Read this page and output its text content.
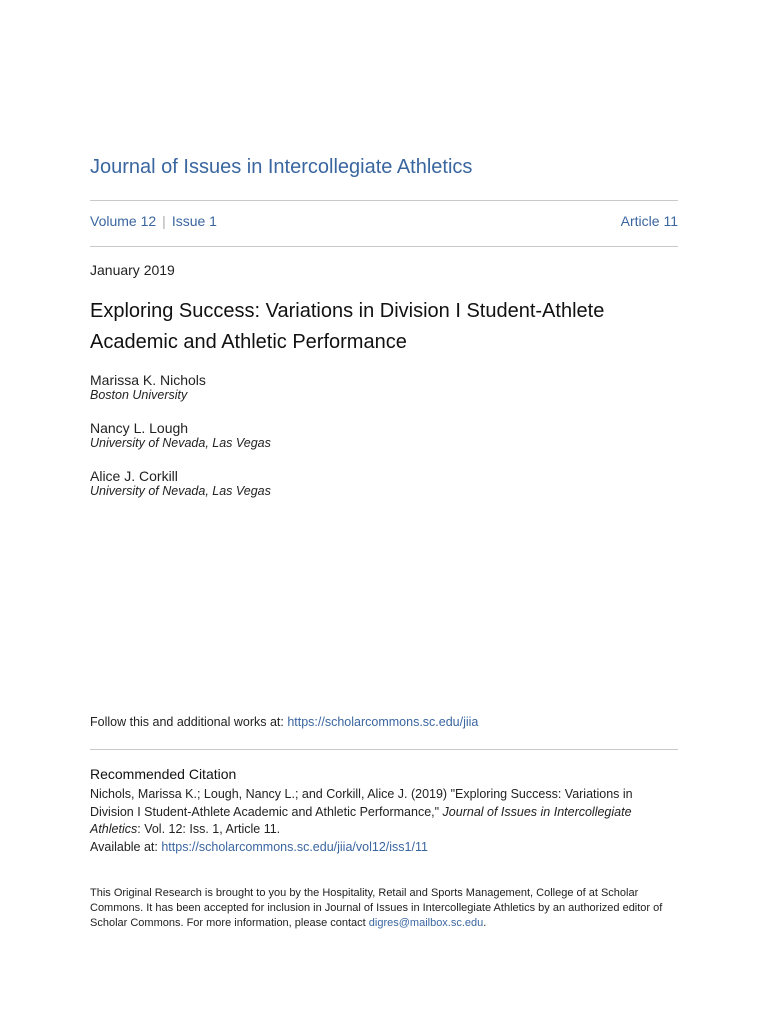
Journal of Issues in Intercollegiate Athletics
Volume 12 | Issue 1	Article 11
January 2019
Exploring Success: Variations in Division I Student-Athlete Academic and Athletic Performance
Marissa K. Nichols
Boston University
Nancy L. Lough
University of Nevada, Las Vegas
Alice J. Corkill
University of Nevada, Las Vegas
Follow this and additional works at: https://scholarcommons.sc.edu/jiia
Recommended Citation
Nichols, Marissa K.; Lough, Nancy L.; and Corkill, Alice J. (2019) "Exploring Success: Variations in Division I Student-Athlete Academic and Athletic Performance," Journal of Issues in Intercollegiate Athletics: Vol. 12: Iss. 1, Article 11.
Available at: https://scholarcommons.sc.edu/jiia/vol12/iss1/11
This Original Research is brought to you by the Hospitality, Retail and Sports Management, College of at Scholar Commons. It has been accepted for inclusion in Journal of Issues in Intercollegiate Athletics by an authorized editor of Scholar Commons. For more information, please contact digres@mailbox.sc.edu.
